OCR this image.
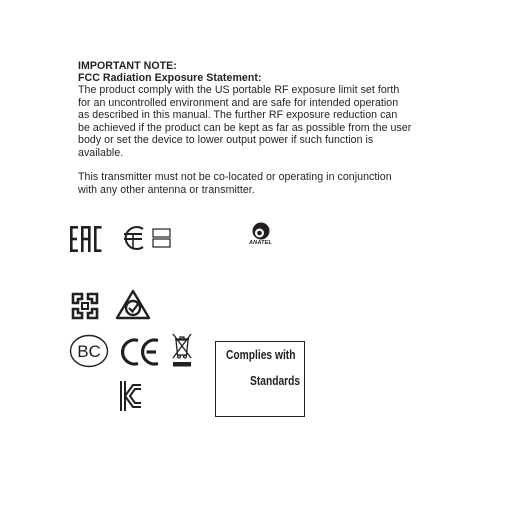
IMPORTANT NOTE:
FCC Radiation Exposure Statement:
The product comply with the US portable RF exposure limit set forth
for an uncontrolled environment and are safe for intended operation
as described in this manual. The further RF exposure reduction can
be achieved if the product can be kept as far as possible from the user
body or set the device to lower output power if such function is
available.
This transmitter must not be co-located or operating in conjunction
with any other antenna or transmitter.
ANATEL
BC	Complies with
Standards
